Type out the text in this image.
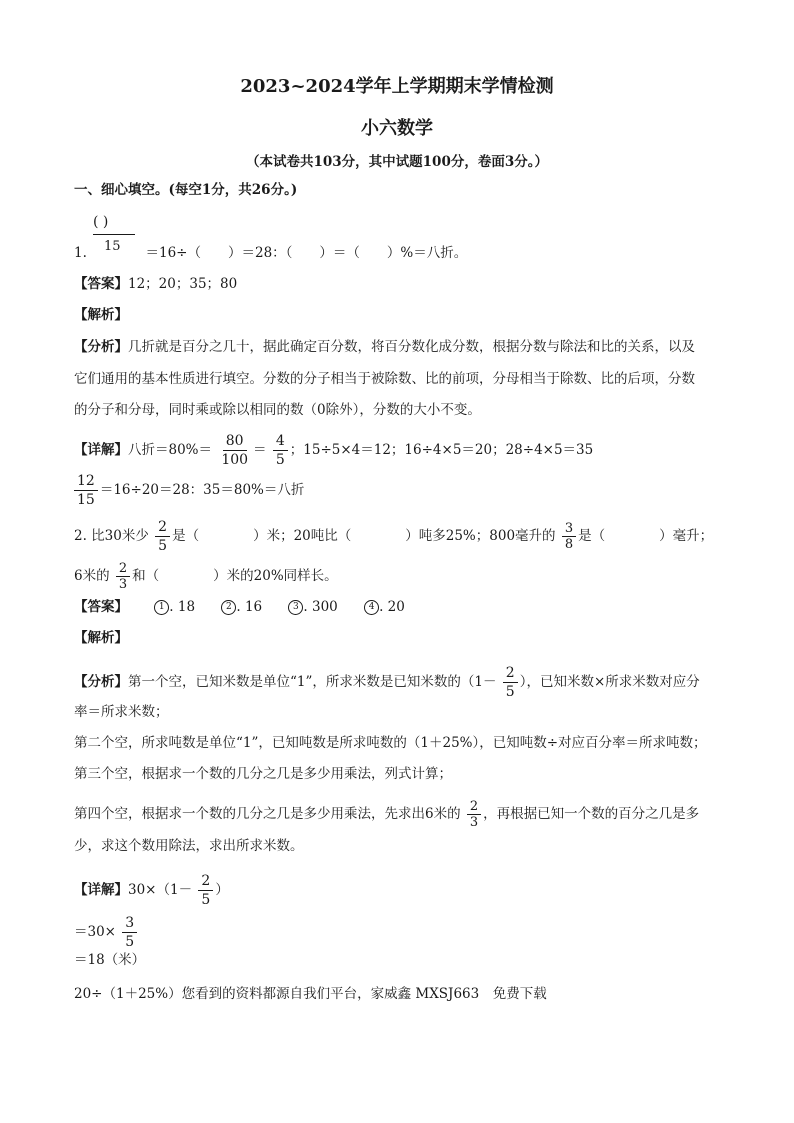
2023~2024学年上学期期末学情检测
小六数学
（本试卷共103分，其中试题100分，卷面3分。）
一、细心填空。(每空1分，共26分。)
( )
15
1.	＝16÷（　　）＝28：（　　）＝（　　）%＝八折。
【答案】12；20；35；80
【解析】
【分析】几折就是百分之几十，据此确定百分数，将百分数化成分数，根据分数与除法和比的关系，以及
它们通用的基本性质进行填空。分数的分子相当于被除数、比的前项，分母相当于除数、比的后项，分数
的分子和分母，同时乘或除以相同的数（0除外），分数的大小不变。
【详解】八折$=80\%= \frac{80}{100} = \frac{4}{5}$ ；15÷5×4＝12；16÷4×5＝20；28÷4×5＝35
$\frac{12}{15} =16\div 20=28$：35＝80%＝八折
2. 比30米少 $\frac{2}{5}$ 是（　　　　）米；20吨比（　　　　）吨多25%；800毫升的 $\frac{3}{8}$ 是（　　　　）毫升；
6米的 $\frac{2}{3}$ 和（　　　　）米的20%同样长。
【答案】	1 . 18	2 . 16	3 . 300	4 . 20
【解析】
【分析】第一个空，已知米数是单位“1”，所求米数是已知米数的（$1- \frac{2}{5}$ ），已知米数×所求米数对应分
率＝所求米数；
第二个空，所求吨数是单位“1”，已知吨数是所求吨数的（1＋25%），已知吨数÷对应百分率＝所求吨数；
第三个空，根据求一个数的几分之几是多少用乘法，列式计算；
第四个空，根据求一个数的几分之几是多少用乘法，先求出6米的 $\frac{2}{3}$ ，再根据已知一个数的百分之几是多
少，求这个数用除法，求出所求米数。
【详解】$30\times(1- \frac{2}{5}$ ）
$=30\times \frac{3}{5}$
＝18（米）
20÷（1＋25%）您看到的资料都源自我们平台，家威鑫 MXSJ663　免费下载
